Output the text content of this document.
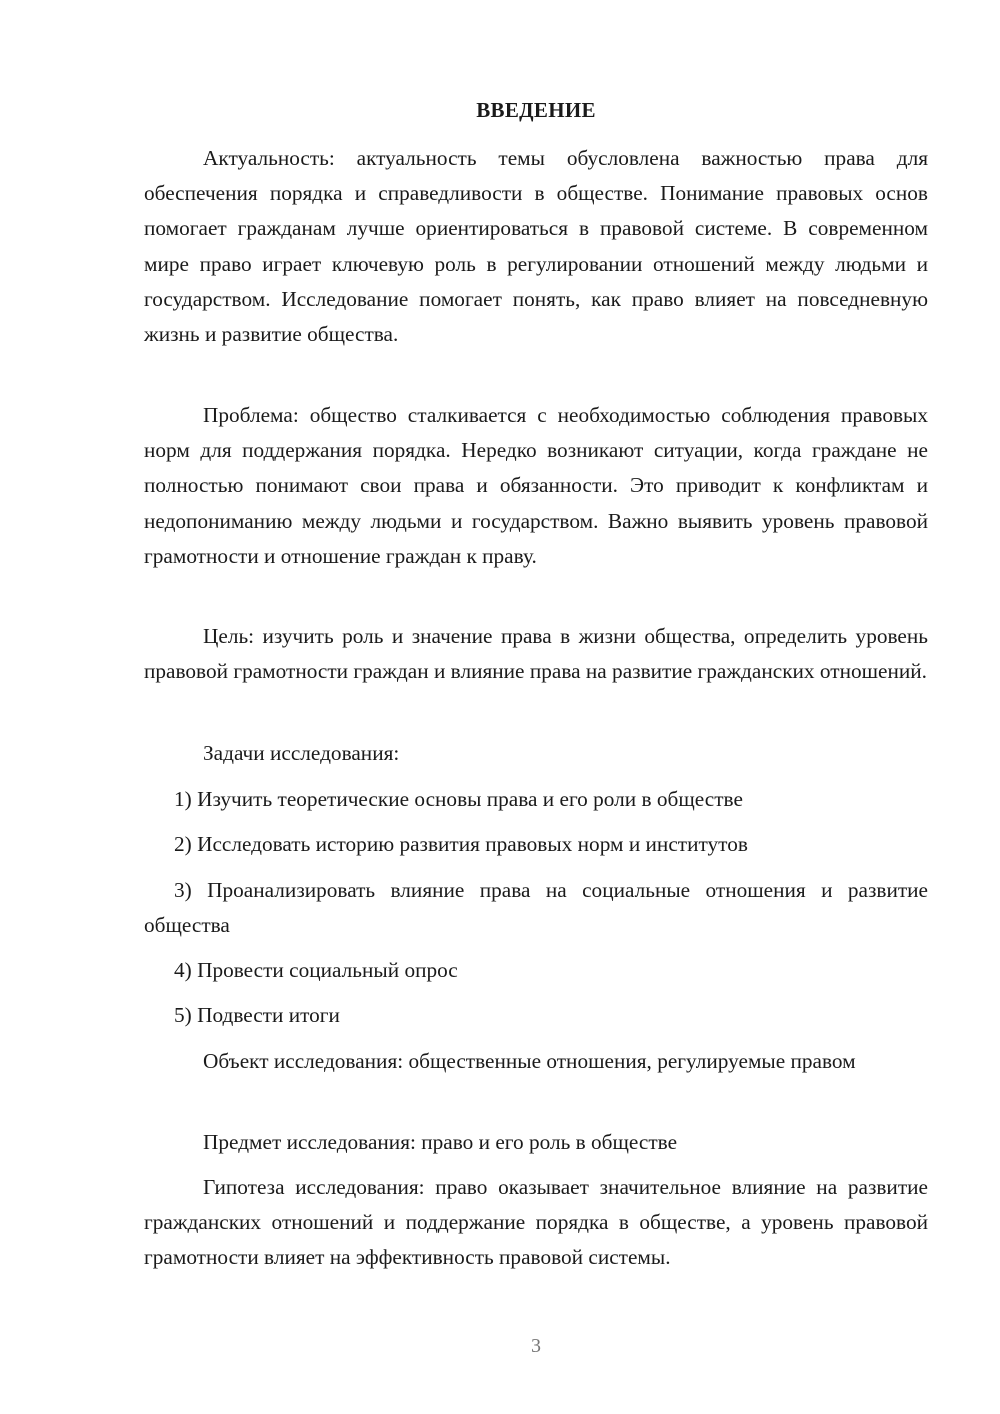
ВВЕДЕНИЕ

Актуальность: актуальность темы обусловлена важностью права для обеспечения порядка и справедливости в обществе. Понимание правовых основ помогает гражданам лучше ориентироваться в правовой системе. В современном мире право играет ключевую роль в регулировании отношений между людьми и государством. Исследование помогает понять, как право влияет на повседневную жизнь и развитие общества.

Проблема: общество сталкивается с необходимостью соблюдения правовых норм для поддержания порядка. Нередко возникают ситуации, когда граждане не полностью понимают свои права и обязанности. Это приводит к конфликтам и недопониманию между людьми и государством. Важно выявить уровень правовой грамотности и отношение граждан к праву.

Цель: изучить роль и значение права в жизни общества, определить уровень правовой грамотности граждан и влияние права на развитие гражданских отношений.

Задачи исследования:

1) Изучить теоретические основы права и его роли в обществе

2) Исследовать историю развития правовых норм и институтов

3) Проанализировать влияние права на социальные отношения и развитие общества

4) Провести социальный опрос

5) Подвести итоги

Объект исследования: общественные отношения, регулируемые правом

Предмет исследования: право и его роль в обществе

Гипотеза исследования: право оказывает значительное влияние на развитие гражданских отношений и поддержание порядка в обществе, а уровень правовой грамотности влияет на эффективность правовой системы.

3
